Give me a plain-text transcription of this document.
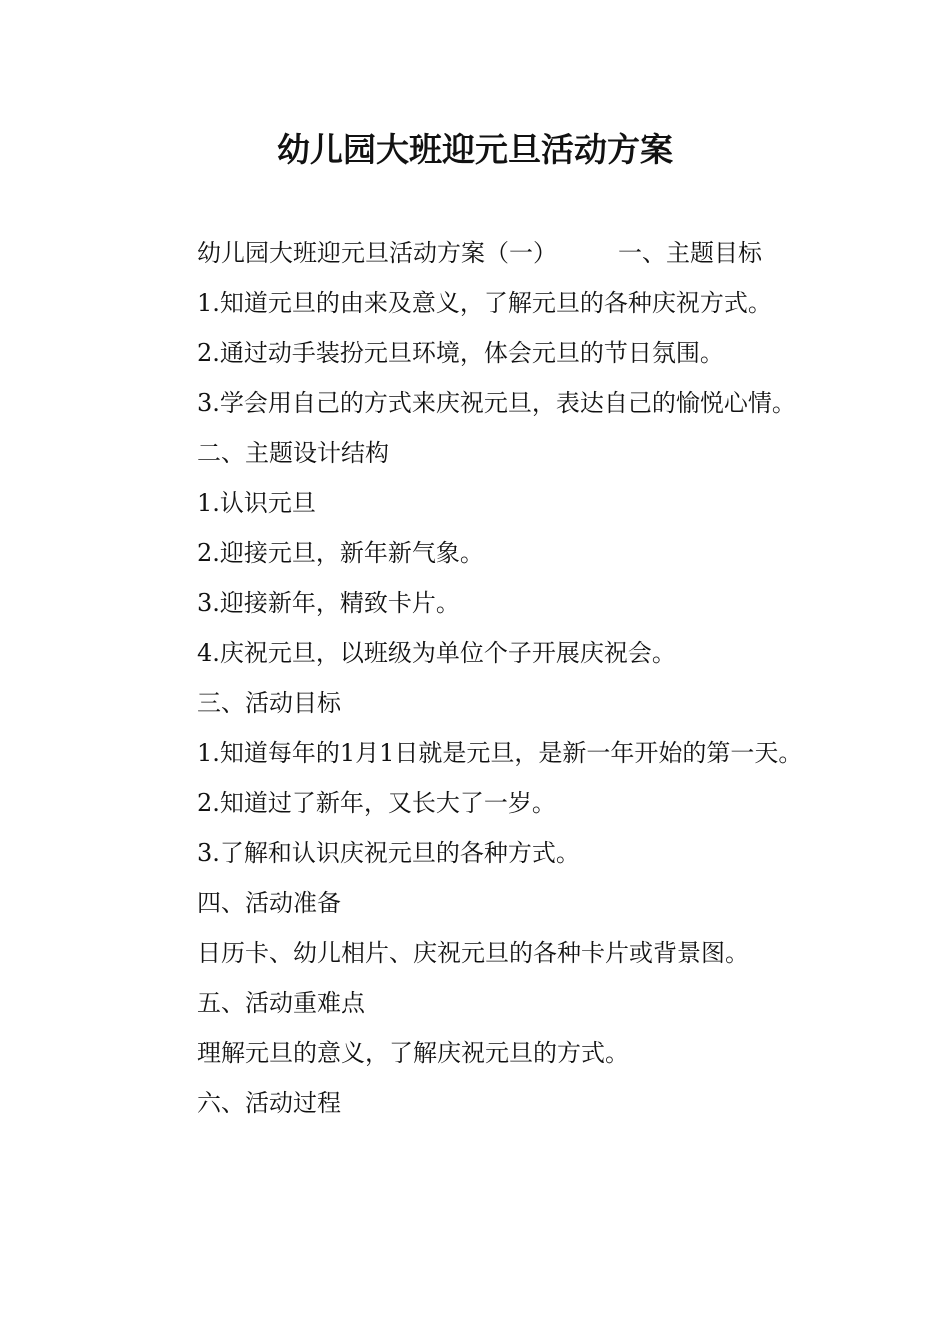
幼儿园大班迎元旦活动方案

幼儿园大班迎元旦活动方案（一）        一、主题目标

1.知道元旦的由来及意义，了解元旦的各种庆祝方式。

2.通过动手装扮元旦环境，体会元旦的节日氛围。

3.学会用自己的方式来庆祝元旦，表达自己的愉悦心情。

二、主题设计结构

1.认识元旦

2.迎接元旦，新年新气象。

3.迎接新年，精致卡片。

4.庆祝元旦，以班级为单位个子开展庆祝会。

三、活动目标

1.知道每年的1月1日就是元旦，是新一年开始的第一天。

2.知道过了新年，又长大了一岁。

3.了解和认识庆祝元旦的各种方式。

四、活动准备

日历卡、幼儿相片、庆祝元旦的各种卡片或背景图。

五、活动重难点

理解元旦的意义，了解庆祝元旦的方式。

六、活动过程
